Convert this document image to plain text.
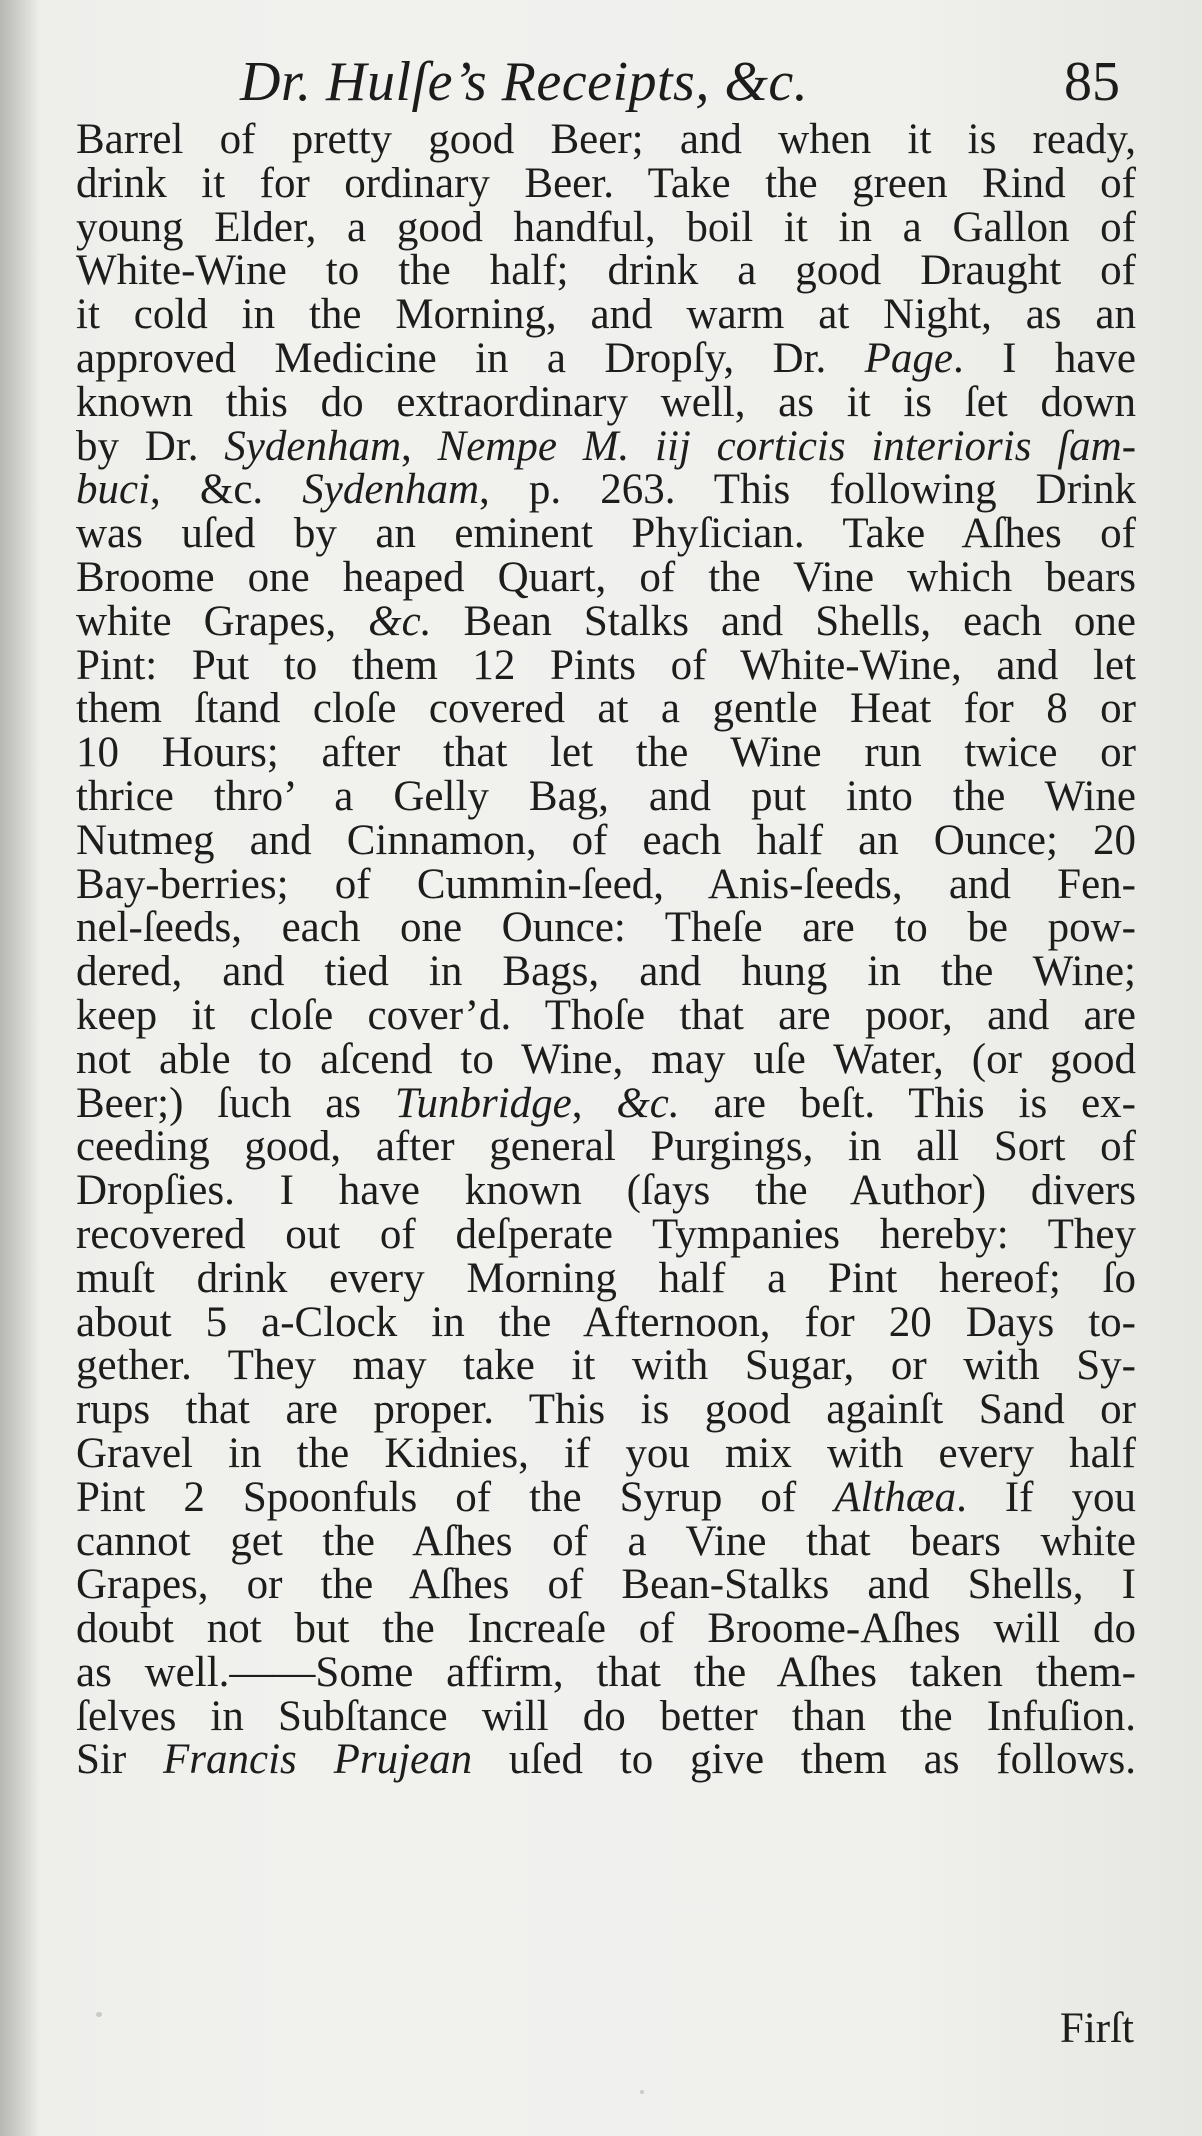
Dr. Hulſe’s Receipts, &c.	85
Barrel of pretty good Beer; and when it is ready,
drink it for ordinary Beer. Take the green Rind of
young Elder, a good handful, boil it in a Gallon of
White-Wine to the half; drink a good Draught of
it cold in the Morning, and warm at Night, as an
approved Medicine in a Dropſy, Dr. Page. I have
known this do extraordinary well, as it is ſet down
by Dr. Sydenham, Nempe M. iij corticis interioris ſam-
buci, &c. Sydenham, p. 263. This following Drink
was uſed by an eminent Phyſician. Take Aſhes of
Broome one heaped Quart, of the Vine which bears
white Grapes, &c. Bean Stalks and Shells, each one
Pint: Put to them 12 Pints of White-Wine, and let
them ſtand cloſe covered at a gentle Heat for 8 or
10 Hours; after that let the Wine run twice or
thrice thro’ a Gelly Bag, and put into the Wine
Nutmeg and Cinnamon, of each half an Ounce; 20
Bay-berries; of Cummin-ſeed, Anis-ſeeds, and Fen-
nel-ſeeds, each one Ounce: Theſe are to be pow-
dered, and tied in Bags, and hung in the Wine;
keep it cloſe cover’d. Thoſe that are poor, and are
not able to aſcend to Wine, may uſe Water, (or good
Beer;) ſuch as Tunbridge, &c. are beſt. This is ex-
ceeding good, after general Purgings, in all Sort of
Dropſies. I have known (ſays the Author) divers
recovered out of deſperate Tympanies hereby: They
muſt drink every Morning half a Pint hereof; ſo
about 5 a-Clock in the Afternoon, for 20 Days to-
gether. They may take it with Sugar, or with Sy-
rups that are proper. This is good againſt Sand or
Gravel in the Kidnies, if you mix with every half
Pint 2 Spoonfuls of the Syrup of Althæa. If you
cannot get the Aſhes of a Vine that bears white
Grapes, or the Aſhes of Bean-Stalks and Shells, I
doubt not but the Increaſe of Broome-Aſhes will do
as well.——Some affirm, that the Aſhes taken them-
ſelves in Subſtance will do better than the Infuſion.
Sir Francis Prujean uſed to give them as follows.
Firſt
